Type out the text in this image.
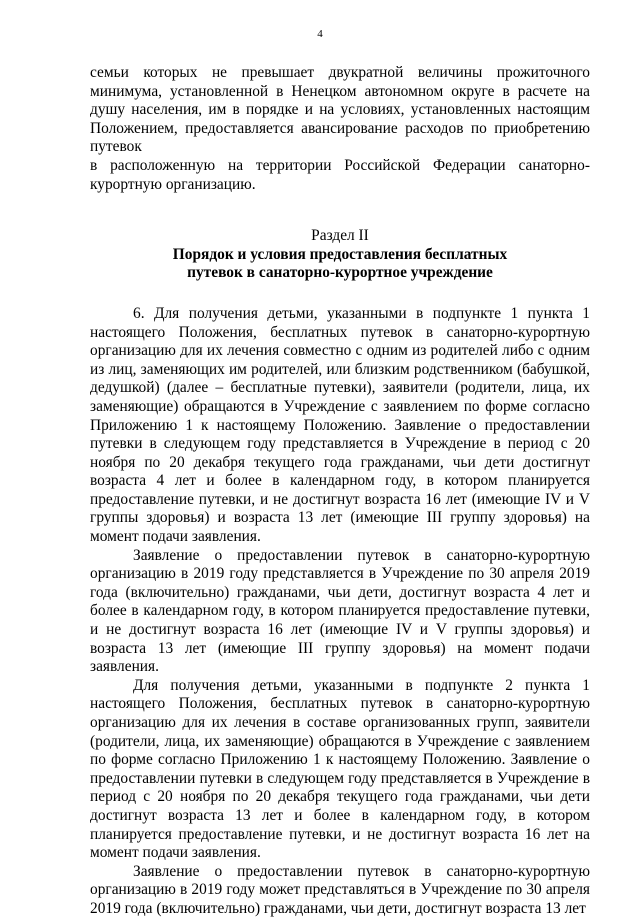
4

семьи которых не превышает двукратной величины прожиточного минимума, установленной в Ненецком автономном округе в расчете на душу населения, им в порядке и на условиях, установленных настоящим Положением, предоставляется авансирование расходов по приобретению путевок

в расположенную на территории Российской Федерации санаторно-курортную организацию.

Раздел II
Порядок и условия предоставления бесплатных
путевок в санаторно-курортное учреждение

6. Для получения детьми, указанными в подпункте 1 пункта 1 настоящего Положения, бесплатных путевок в санаторно-курортную организацию для их лечения совместно с одним из родителей либо с одним из лиц, заменяющих им родителей, или близким родственником (бабушкой, дедушкой) (далее – бесплатные путевки), заявители (родители, лица, их заменяющие) обращаются в Учреждение с заявлением по форме согласно Приложению 1 к настоящему Положению. Заявление о предоставлении путевки в следующем году представляется в Учреждение в период с 20 ноября по 20 декабря текущего года гражданами, чьи дети достигнут возраста 4 лет и более в календарном году, в котором планируется предоставление путевки, и не достигнут возраста 16 лет (имеющие IV и V группы здоровья) и возраста 13 лет (имеющие III группу здоровья) на момент подачи заявления.

Заявление о предоставлении путевок в санаторно-курортную организацию в 2019 году представляется в Учреждение по 30 апреля 2019 года (включительно) гражданами, чьи дети, достигнут возраста 4 лет и более в календарном году, в котором планируется предоставление путевки, и не достигнут возраста 16 лет (имеющие IV и V группы здоровья) и возраста 13 лет (имеющие III группу здоровья) на момент подачи заявления.

Для получения детьми, указанными в подпункте 2 пункта 1 настоящего Положения, бесплатных путевок в санаторно-курортную организацию для их лечения в составе организованных групп, заявители (родители, лица, их заменяющие) обращаются в Учреждение с заявлением по форме согласно Приложению 1 к настоящему Положению. Заявление о предоставлении путевки в следующем году представляется в Учреждение в период с 20 ноября по 20 декабря текущего года гражданами, чьи дети достигнут возраста 13 лет и более в календарном году, в котором планируется предоставление путевки, и не достигнут возраста 16 лет на момент подачи заявления.

Заявление о предоставлении путевок в санаторно-курортную организацию в 2019 году может представляться в Учреждение по 30 апреля 2019 года (включительно) гражданами, чьи дети, достигнут возраста 13 лет
